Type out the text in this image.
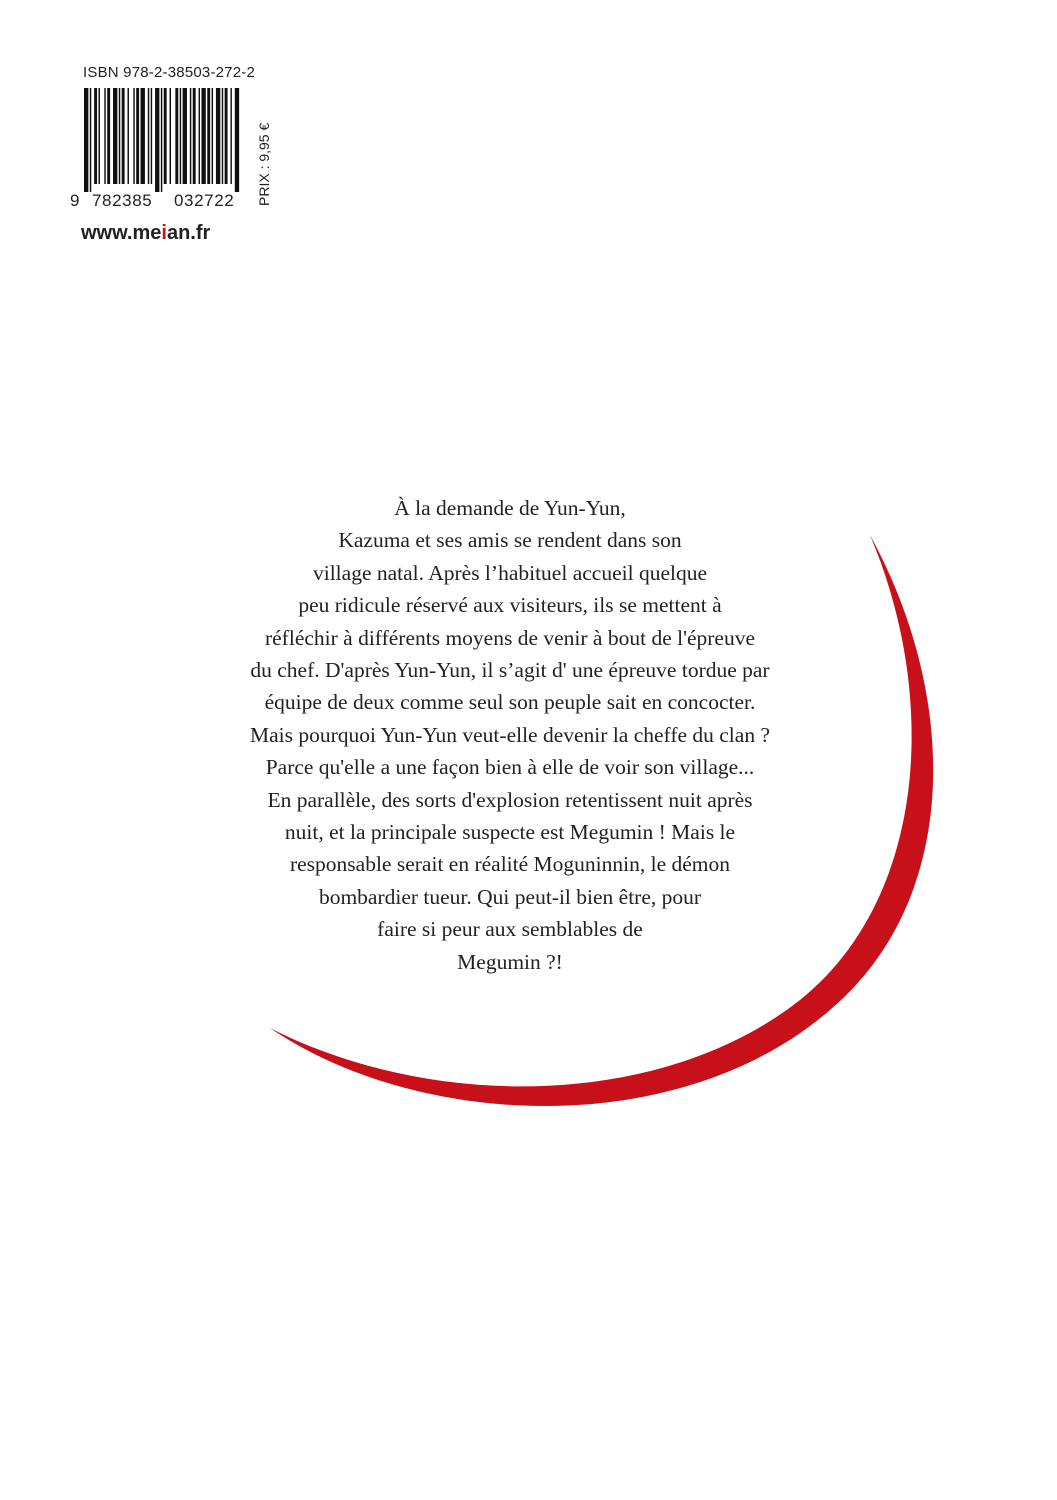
ISBN 978-2-38503-272-2
9 782385 032722 PRIX : 9,95 €
www.meian.fr
À la demande de Yun-Yun,
Kazuma et ses amis se rendent dans son
village natal. Après l’habituel accueil quelque
peu ridicule réservé aux visiteurs, ils se mettent à
réfléchir à différents moyens de venir à bout de l'épreuve
du chef. D'après Yun-Yun, il s’agit d' une épreuve tordue par
équipe de deux comme seul son peuple sait en concocter.
Mais pourquoi Yun-Yun veut-elle devenir la cheffe du clan ?
Parce qu'elle a une façon bien à elle de voir son village...
En parallèle, des sorts d'explosion retentissent nuit après
nuit, et la principale suspecte est Megumin ! Mais le
responsable serait en réalité Moguninnin, le démon
bombardier tueur. Qui peut-il bien être, pour
faire si peur aux semblables de
Megumin ?!
